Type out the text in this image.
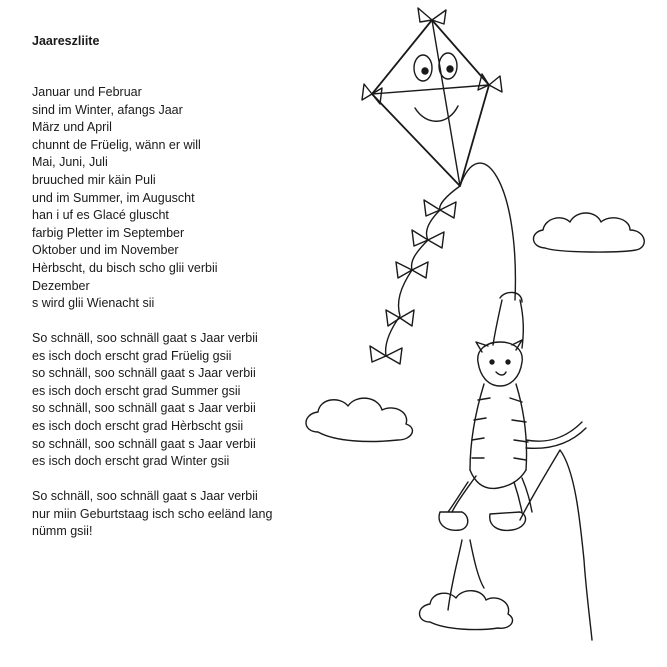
Jaareszliite
Januar und Februar
sind im Winter, afangs Jaar
März und April
chunnt de Früelig, wänn er will
Mai, Juni, Juli
bruuched mir käin Puli
und im Summer, im Auguscht
han i uf es Glacé gluscht
farbig Pletter im September
Oktober und im November
Hèrbscht, du bisch scho glii verbii
Dezember
s wird glii Wienacht sii
So schnäll, soo schnäll gaat s Jaar verbii
es isch doch erscht grad Früelig gsii
so schnäll, soo schnäll gaat s Jaar verbii
es isch doch erscht grad Summer gsii
so schnäll, soo schnäll gaat s Jaar verbii
es isch doch erscht grad Hèrbscht gsii
so schnäll, soo schnäll gaat s Jaar verbii
es isch doch erscht grad Winter gsii
So schnäll, soo schnäll gaat s Jaar verbii
nur miin Geburtstaag isch scho eeländ lang
nümm gsii!
